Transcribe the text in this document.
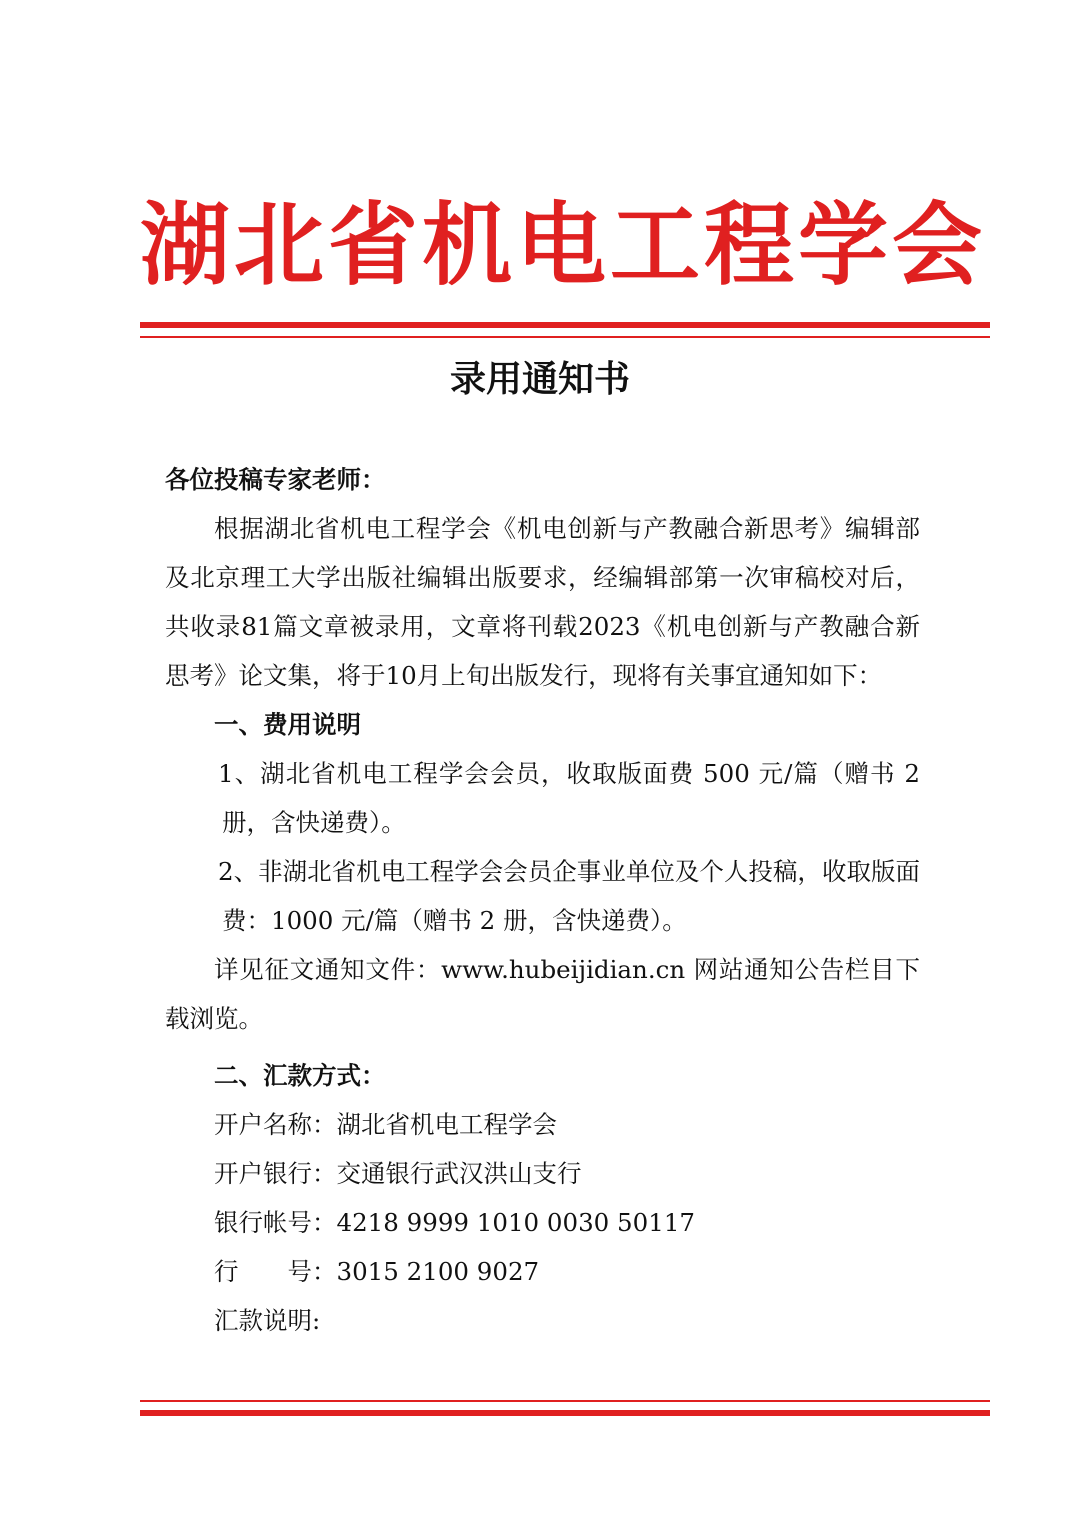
湖北省机电工程学会
录用通知书

各位投稿专家老师：

根据湖北省机电工程学会《机电创新与产教融合新思考》编辑部及北京理工大学出版社编辑出版要求，经编辑部第一次审稿校对后，共收录81篇文章被录用，文章将刊载2023《机电创新与产教融合新思考》论文集，将于10月上旬出版发行，现将有关事宜通知如下：

一、费用说明

1、湖北省机电工程学会会员，收取版面费 500 元/篇（赠书 2 册，含快递费）。

2、非湖北省机电工程学会会员企事业单位及个人投稿，收取版面费：1000 元/篇（赠书 2 册，含快递费）。

详见征文通知文件：www.hubeijidian.cn 网站通知公告栏目下载浏览。

二、汇款方式：

开户名称：湖北省机电工程学会

开户银行：交通银行武汉洪山支行

银行帐号：4218 9999 1010 0030 50117

行　　号：3015 2100 9027

汇款说明:
